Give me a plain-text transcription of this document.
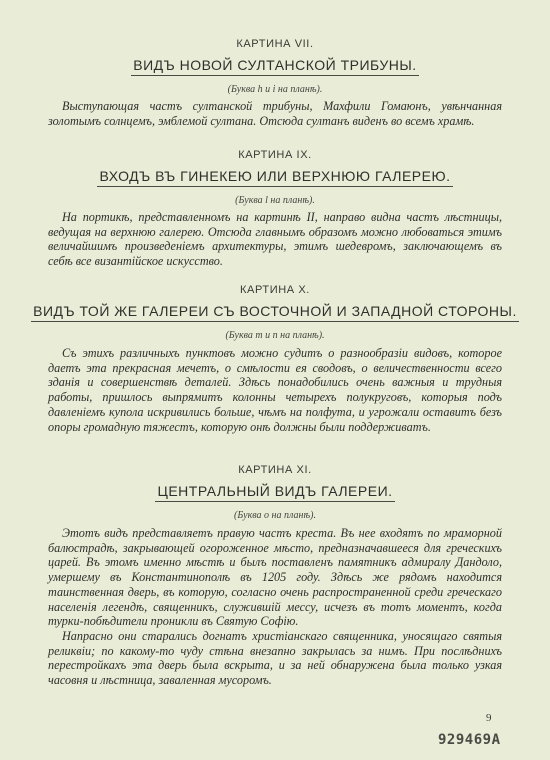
КАРТИНА VII.
ВИДЪ НОВОЙ СУЛТАНСКОЙ ТРИБУНЫ.
(Буква h и i на планѣ).

Выступающая частъ султанской трибуны, Махфили Гомаюнъ, увѣнчанная золотымъ солнцемъ, эмблемой султана. Отсюда султанъ виденъ во всемъ храмѣ.

КАРТИНА IX.
ВХОДЪ ВЪ ГИНЕКЕЮ ИЛИ ВЕРХНЮЮ ГАЛЕРЕЮ.
(Буква l на планѣ).

На портикѣ, представленномъ на картинѣ II, направо видна частъ лѣстницы, ведущая на верхнюю галерею. Отсюда главнымъ образомъ можно любоваться этимъ величайшимъ произведенiемъ архитектуры, этимъ шедевромъ, заключающемъ въ себѣ все византiйское искусство.

КАРТИНА X.
ВИДЪ ТОЙ ЖЕ ГАЛЕРЕИ СЪ ВОСТОЧНОЙ И ЗАПАДНОЙ СТОРОНЫ.
(Буква m и n на планѣ).

Съ этихъ различныхъ пунктовъ можно судитъ о разнообразiи видовъ, которое даетъ эта прекрасная мечетъ, о смѣлости ея сводовъ, о величественности всего зданiя и совершенствѣ деталей. Здѣсь понадобились очень важныя и трудныя работы, пришлось выпрямитъ колонны четырехъ полукруговъ, которыя подъ давленiемъ купола искривились больше, чѣмъ на полфута, и угрожали оставитъ безъ опоры громадную тяжестъ, которую онѣ должны были поддерживатъ.

КАРТИНА XI.
ЦЕНТРАЛЬНЫЙ ВИДЪ ГАЛЕРЕИ.
(Буква o на планѣ).

Этотъ видъ представляетъ правую частъ креста. Въ нее входятъ по мраморной балюстрадѣ, закрывающей огороженное мѣсто, предназначавшееся для греческихъ царей. Въ этомъ именно мѣстѣ и былъ поставленъ памятникъ адмиралу Дандоло, умершему въ Константинополѣ въ 1205 году. Здѣсь же рядомъ находится таинственная дверь, въ которую, согласно очень распространенной среди греческаго населенiя легендѣ, священникъ, служившiй мессу, исчезъ въ тотъ моментъ, когда турки-побѣдители проникли въ Святую Софiю.

Напрасно они старались догнатъ христiанскаго священника, уносящаго святыя реликвiи; по какому-то чуду стѣна внезапно закрылась за нимъ. При послѣднихъ перестройкахъ эта дверь была вскрыта, и за ней обнаружена была только узкая часовня и лѣстница, заваленная мусоромъ.

9
929469А
